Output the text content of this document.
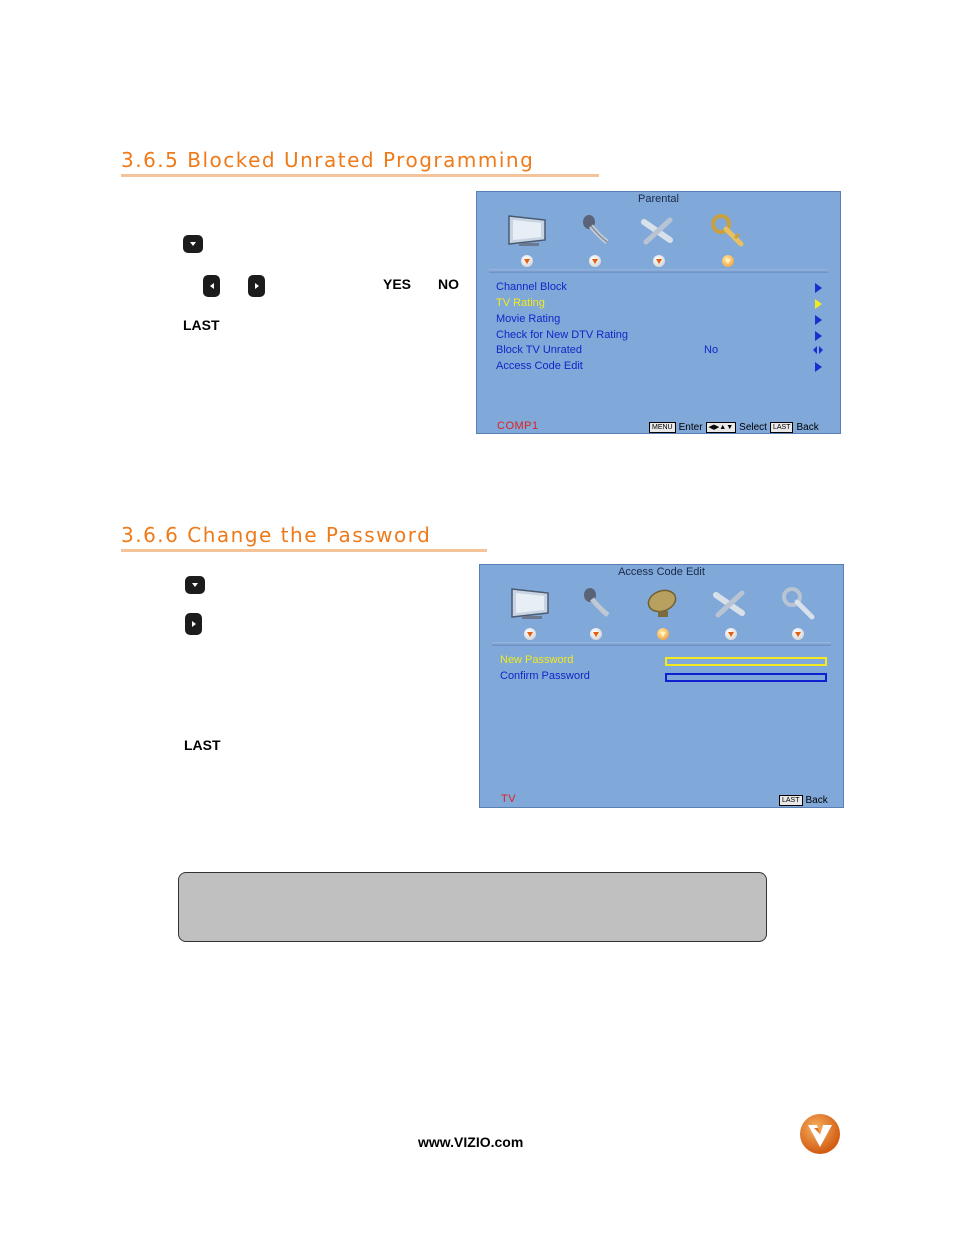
3.6.5 Blocked Unrated Programming
YES NO
LAST
Parental
Channel Block
TV Rating
Movie Rating
Check for New DTV Rating
Block TV Unrated	No
Access Code Edit
COMP1	MENU Enter ◀▶▲▼ Select LAST Back
3.6.6 Change the Password
LAST
Access Code Edit
New Password
Confirm Password
TV	LAST Back
www.VIZIO.com
